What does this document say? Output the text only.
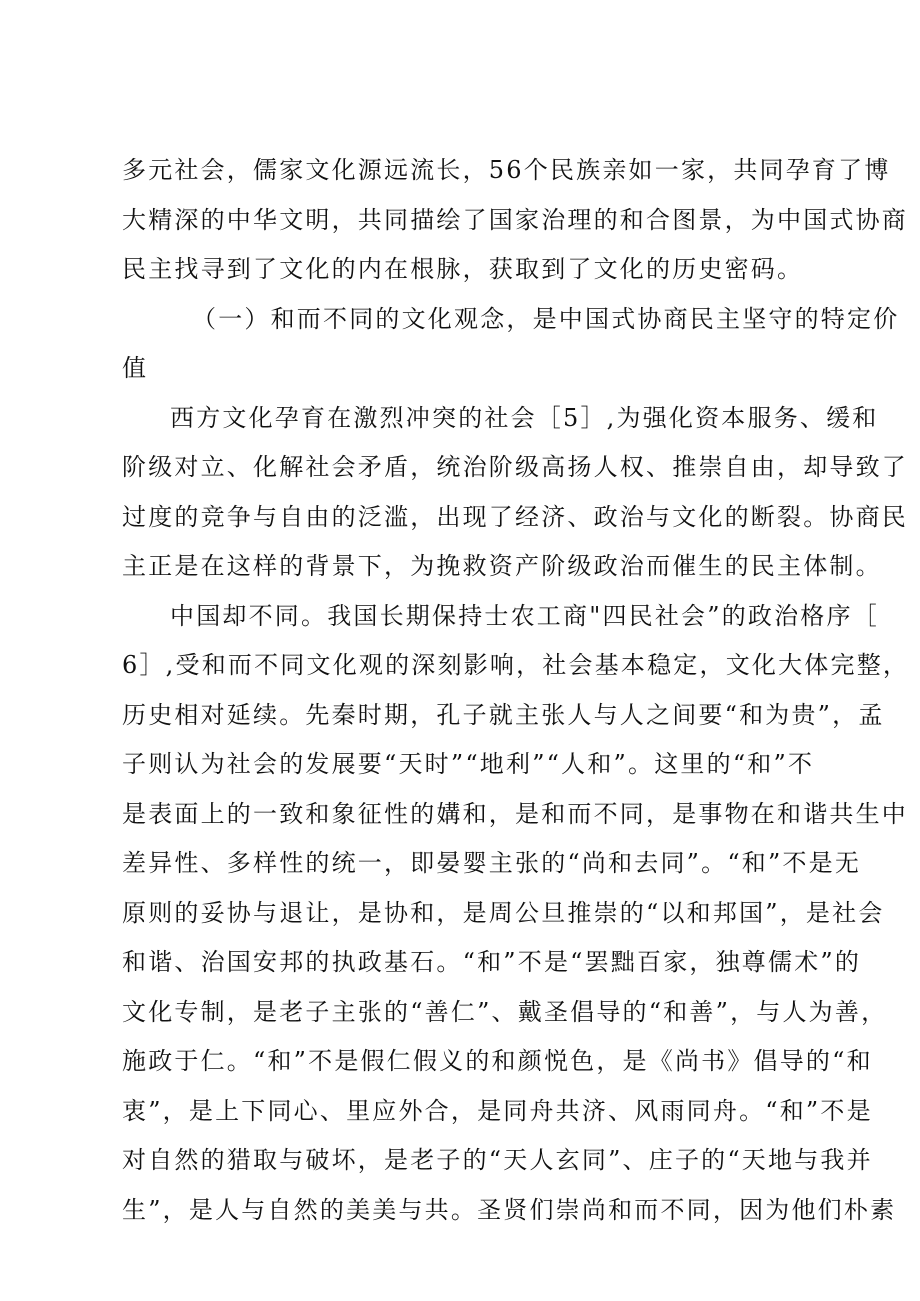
多元社会，儒家文化源远流长，56个民族亲如一家，共同孕育了博
大精深的中华文明，共同描绘了国家治理的和合图景，为中国式协商
民主找寻到了文化的内在根脉，获取到了文化的历史密码。
（一）和而不同的文化观念，是中国式协商民主坚守的特定价
值
西方文化孕育在激烈冲突的社会［5］,为强化资本服务、缓和
阶级对立、化解社会矛盾，统治阶级高扬人权、推崇自由，却导致了
过度的竞争与自由的泛滥，出现了经济、政治与文化的断裂。协商民
主正是在这样的背景下，为挽救资产阶级政治而催生的民主体制。
中国却不同。我国长期保持士农工商"四民社会”的政治格序［
6］,受和而不同文化观的深刻影响，社会基本稳定，文化大体完整，
历史相对延续。先秦时期，孔子就主张人与人之间要“和为贵”，孟
子则认为社会的发展要“天时”“地利”“人和”。这里的“和”不
是表面上的一致和象征性的媾和，是和而不同，是事物在和谐共生中
差异性、多样性的统一，即晏婴主张的“尚和去同”。“和”不是无
原则的妥协与退让，是协和，是周公旦推崇的“以和邦国”，是社会
和谐、治国安邦的执政基石。“和”不是“罢黜百家，独尊儒术”的
文化专制，是老子主张的“善仁”、戴圣倡导的“和善”，与人为善，
施政于仁。“和”不是假仁假义的和颜悦色，是《尚书》倡导的“和
衷”，是上下同心、里应外合，是同舟共济、风雨同舟。“和”不是
对自然的猎取与破坏，是老子的“天人玄同”、庄子的“天地与我并
生”，是人与自然的美美与共。圣贤们崇尚和而不同，因为他们朴素
